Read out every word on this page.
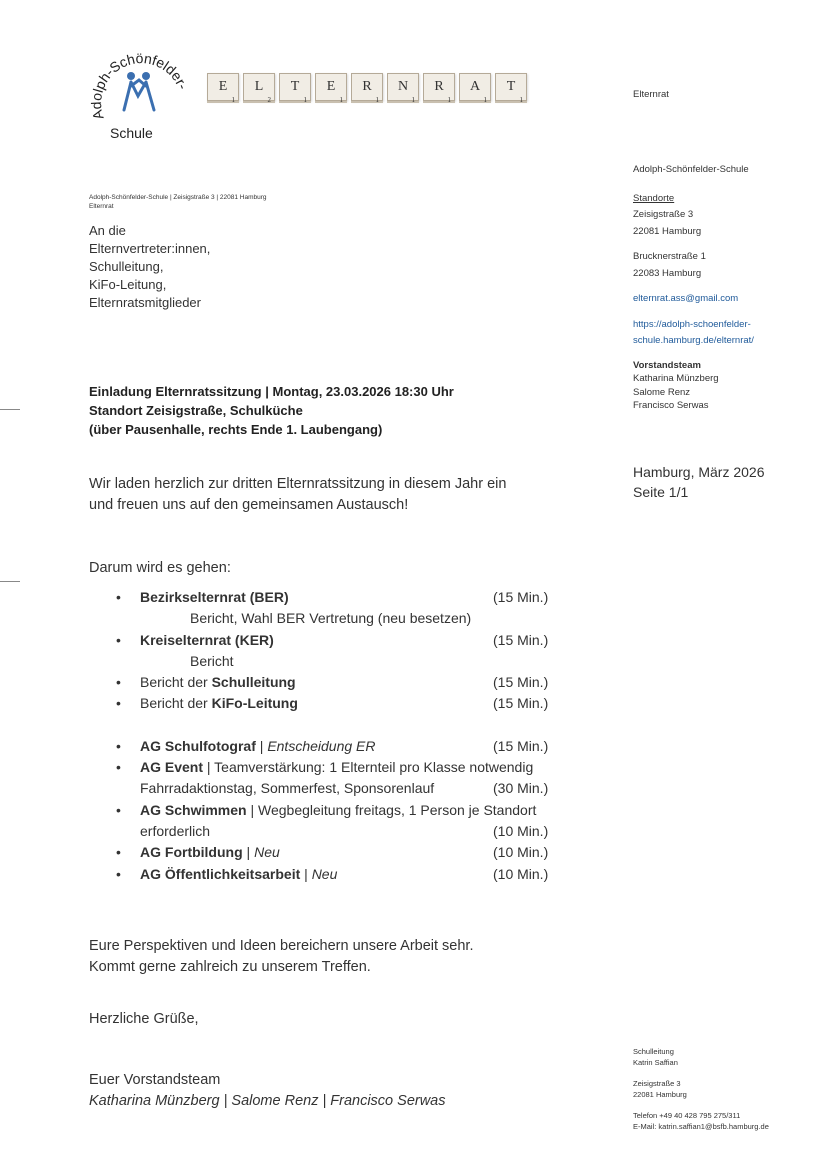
Adolph-Schönfelder-
Schule
E
1
L
2
T
1
E
1
R
1
N
1
R
1
A
1
T
1	Elternrat
Adolph-Schönfelder-Schule
Standorte
Zeisigstraße 3
22081 Hamburg
Brucknerstraße 1
22083 Hamburg
elternrat.ass@gmail.com
https://adolph-schoenfelder-
schule.hamburg.de/elternrat/
Vorstandsteam
Katharina Münzberg
Salome Renz
Francisco Serwas
Hamburg, März 2026
Seite 1/1
Adolph-Schönfelder-Schule | Zeisigstraße 3 | 22081 Hamburg
Elternrat
An die
Elternvertreter:innen,
Schulleitung,
KiFo-Leitung,
Elternratsmitglieder
Einladung Elternratssitzung | Montag, 23.03.2026 18:30 Uhr
Standort Zeisigstraße, Schulküche
(über Pausenhalle, rechts Ende 1. Laubengang)
Wir laden herzlich zur dritten Elternratssitzung in diesem Jahr ein
und freuen uns auf den gemeinsamen Austausch!
Darum wird es gehen:
• Bezirkselternrat (BER)	(15 Min.)
Bericht, Wahl BER Vertretung (neu besetzen)
• Kreiselternrat (KER)	(15 Min.)
Bericht
• Bericht der Schulleitung	(15 Min.)
• Bericht der KiFo-Leitung	(15 Min.)
• AG Schulfotograf | Entscheidung ER	(15 Min.)
• AG Event | Teamverstärkung: 1 Elternteil pro Klasse notwendig
Fahrradaktionstag, Sommerfest, Sponsorenlauf	(30 Min.)
• AG Schwimmen | Wegbegleitung freitags, 1 Person je Standort
erforderlich	(10 Min.)
• AG Fortbildung | Neu	(10 Min.)
• AG Öffentlichkeitsarbeit | Neu	(10 Min.)
Eure Perspektiven und Ideen bereichern unsere Arbeit sehr.
Kommt gerne zahlreich zu unserem Treffen.
Herzliche Grüße,
Euer Vorstandsteam
Katharina Münzberg | Salome Renz | Francisco Serwas
Schulleitung
Katrin Saffian
Zeisigstraße 3
22081 Hamburg
Telefon +49 40 428 795 275/311
E-Mail: katrin.saffian1@bsfb.hamburg.de
